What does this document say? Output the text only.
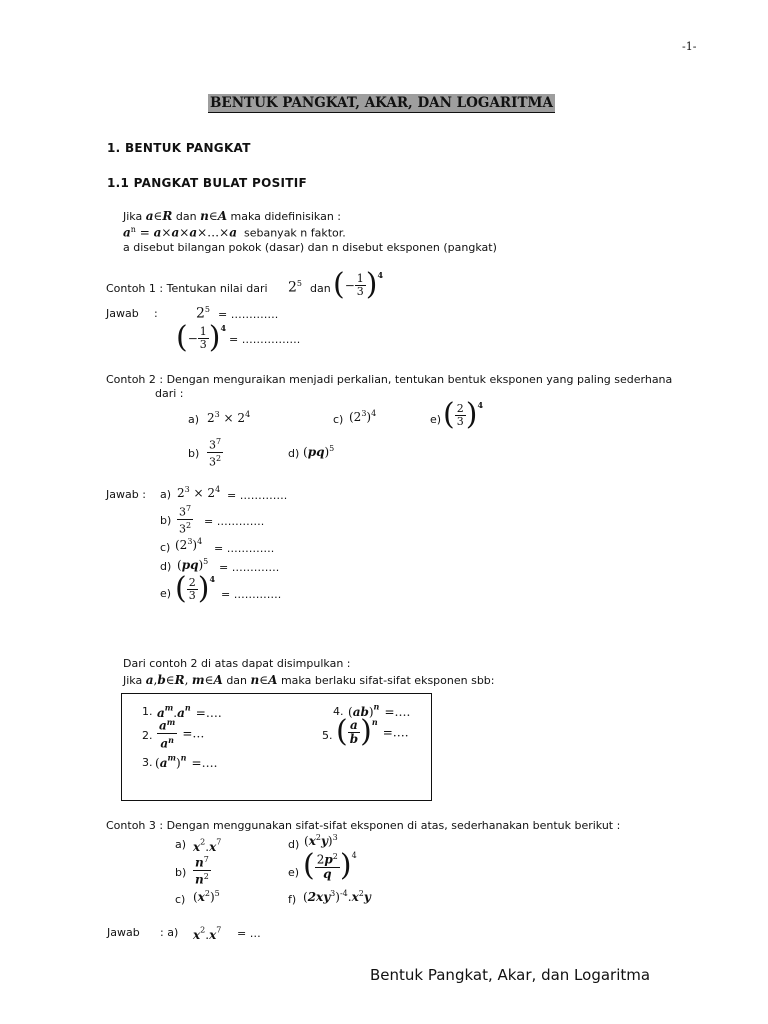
-1-
BENTUK PANGKAT, AKAR, DAN LOGARITMA
1. BENTUK PANGKAT
1.1 PANGKAT BULAT POSITIF
Jika a∈R dan n∈A maka didefinisikan :
$a^n$ = a×a×a×…×a sebanyak n faktor.
a disebut bilangan pokok (dasar) dan n disebut eksponen (pangkat)
Contoh 1 : Tentukan nilai dari $2^5$ dan (− $\frac{1}{3} )^4$
Jawab :	$2^5$ = ………….
(− $\frac{1}{3} )^4$
= …………….
Contoh 2 : Dengan menguraikan menjadi perkalian, tentukan bentuk eksponen yang paling sederhana
dari :
a) $2^3 \times 2^4$	c) $(2^3)^4$	e) ( $\frac{2}{3} )^4$
$b) \frac{3^7}{3^2}$	d) (pq)$^5$
Jawab : a) $2^3 \times 2^4$ = ………….
$b) \frac{3^7}{3^2}$ = ………….
c) $(2^3)^4$
= ………….
d) (pq)$^5$ = ………….
e) ( $\frac{2}{3} )^4$
= ………….
Dari contoh 2 di atas dapat disimpulkan :
Jika a,b∈R, m∈A dan n∈A maka berlaku sifat-sifat eksponen sbb:
1. $a^m.a^n$ =….
2. $\frac{a^m}{a^n}$ =…
3. $(a^m)^n$ =….
4. (ab)$^n$ =….
5. ( $\frac{a}{b} )^n$ =….
Contoh 3 : Dengan menggunakan sifat-sifat eksponen di atas, sederhanakan bentuk berikut :
a) $x^2.x^7$	d) $(x^2y)^3$
$b) \frac{n^7}{n^2}$	e) ( $\frac{2p^2}{q} )^4$
c) $(x^2)^5$	f) $(2xy^3)^{-4}.x^2y$
Jawab : a) $x^2.x^7$ = …
Bentuk Pangkat, Akar, dan Logaritma
